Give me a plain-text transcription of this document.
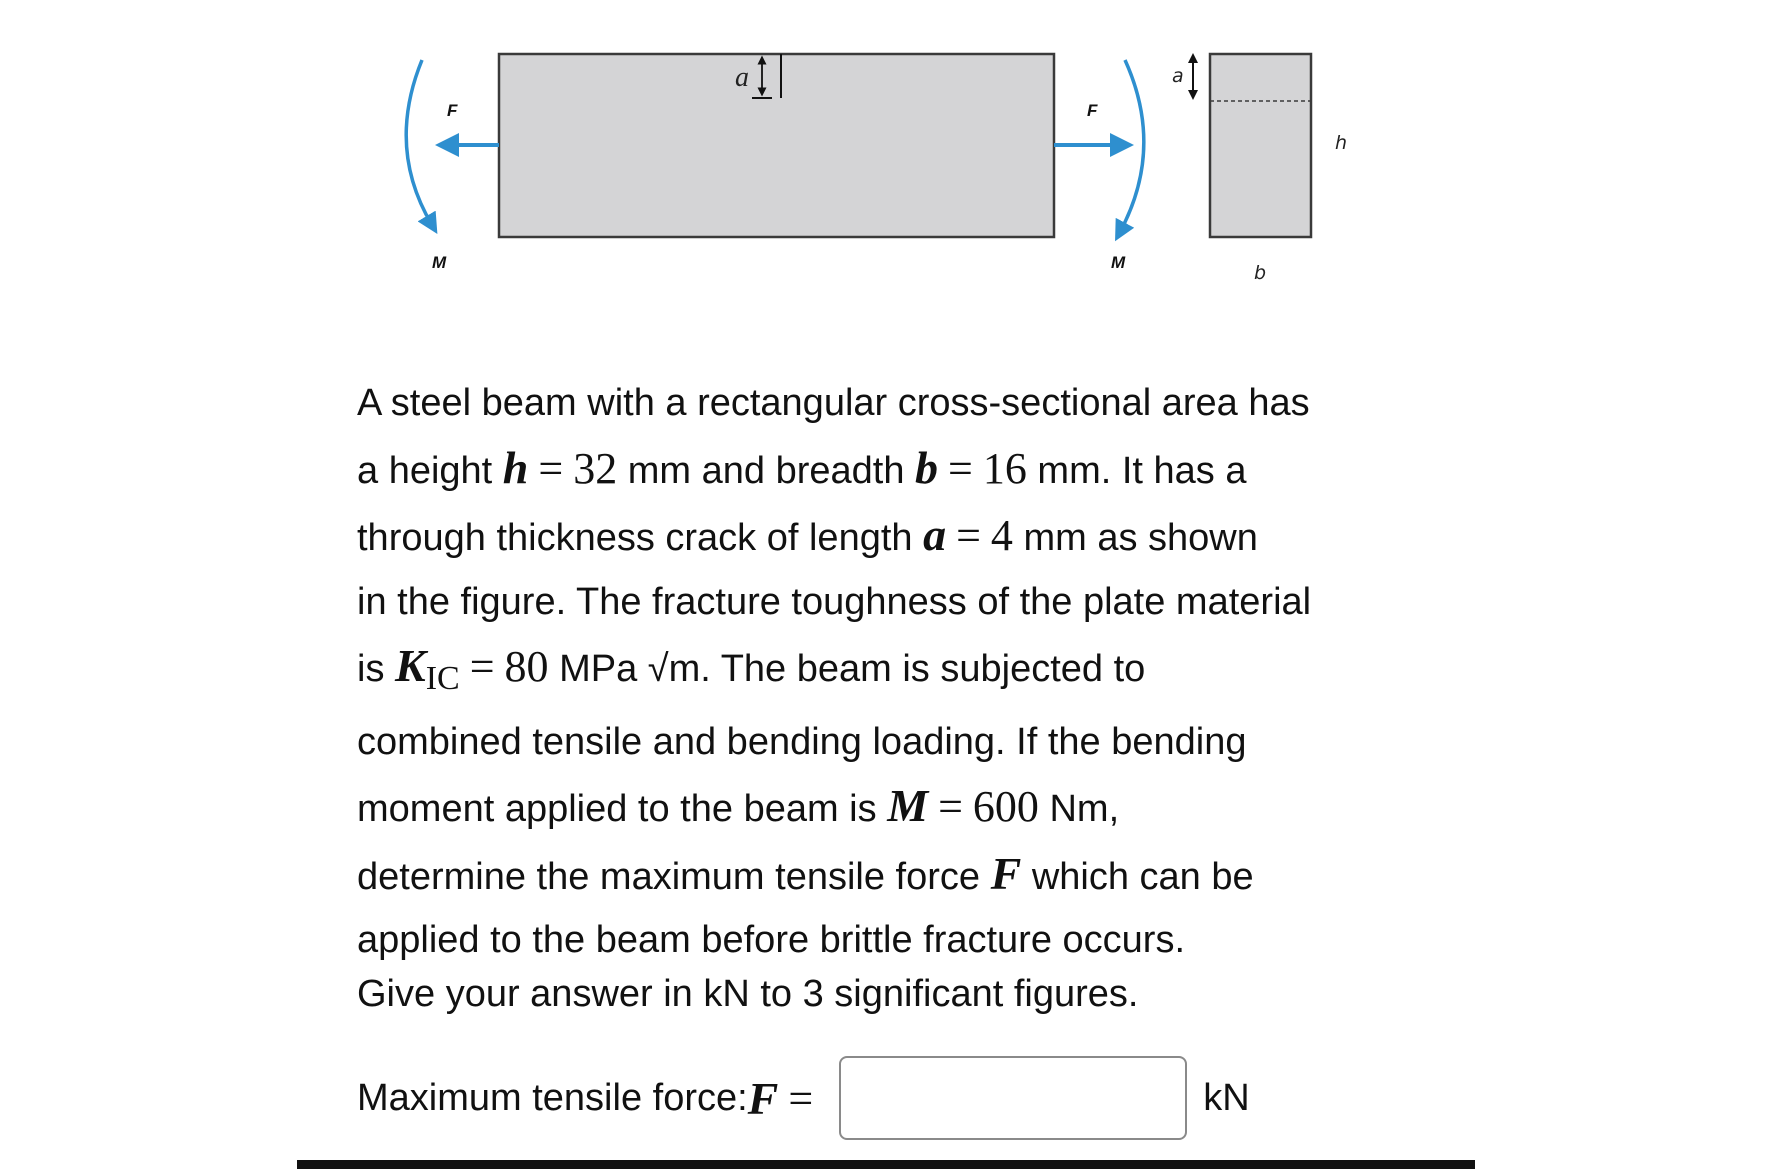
a
F	F
M	M
a
h
b
A steel beam with a rectangular cross-sectional area has
a height h = 32 mm and breadth b = 16 mm. It has a
through thickness crack of length a = 4 mm as shown
in the figure. The fracture toughness of the plate material
is KIC = 80 MPa √m. The beam is subjected to
combined tensile and bending loading. If the bending
moment applied to the beam is M = 600 Nm,
determine the maximum tensile force F which can be
applied to the beam before brittle fracture occurs.
Give your answer in kN to 3 significant figures.
Maximum tensile force: F =	kN
